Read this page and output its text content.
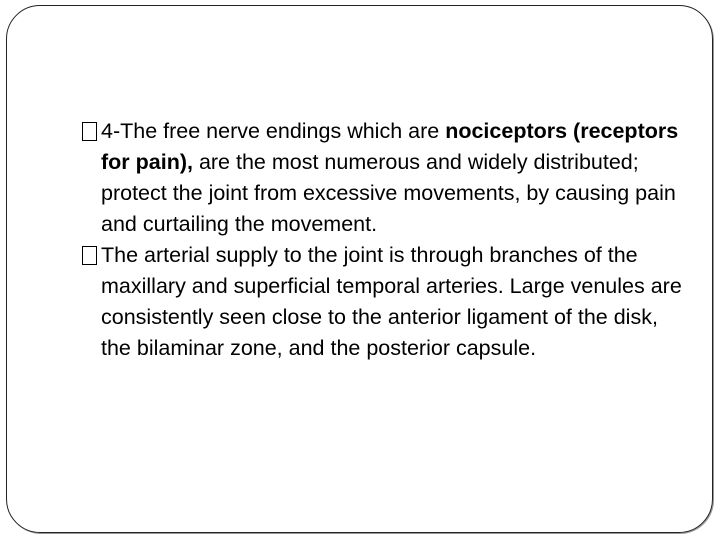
4-The free nerve endings which are nociceptors (receptors for pain), are the most numerous and widely distributed; protect the joint from excessive movements, by causing pain and curtailing the movement.

The arterial supply to the joint is through branches of the maxillary and superficial temporal arteries. Large venules are consistently seen close to the anterior ligament of the disk, the bilaminar zone, and the posterior capsule.
